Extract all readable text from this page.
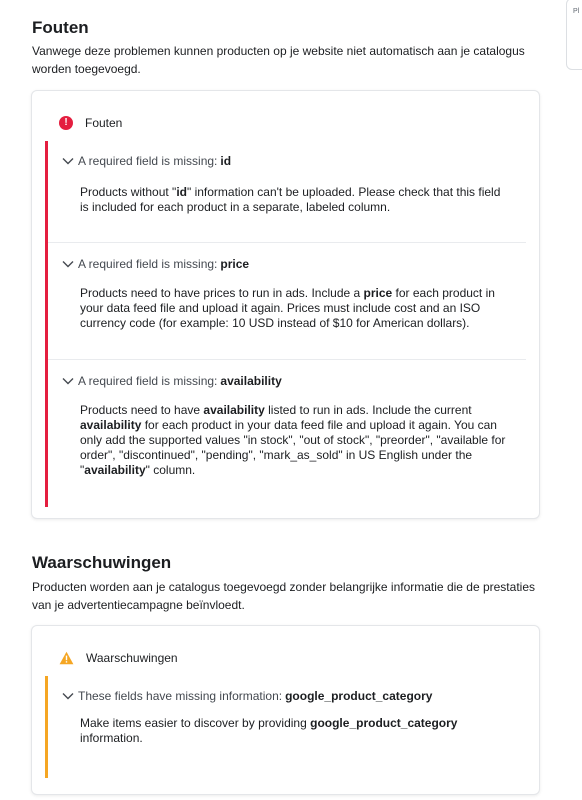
Pl
Fouten

Vanwege deze problemen kunnen producten op je website niet automatisch aan je catalogus worden toegevoegd.

!	Fouten
A required field is missing: id
Products without "id" information can't be uploaded. Please check that this field is included for each product in a separate, labeled column.
A required field is missing: price
Products need to have prices to run in ads. Include a price for each product in your data feed file and upload it again. Prices must include cost and an ISO currency code (for example: 10 USD instead of $10 for American dollars).
A required field is missing: availability
Products need to have availability listed to run in ads. Include the current availability for each product in your data feed file and upload it again. You can only add the supported values "in stock", "out of stock", "preorder", "available for order", "discontinued", "pending", "mark_as_sold" in US English under the "availability" column.
Waarschuwingen

Producten worden aan je catalogus toegevoegd zonder belangrijke informatie die de prestaties van je advertentiecampagne beïnvloedt.

Waarschuwingen
These fields have missing information: google_product_category
Make items easier to discover by providing google_product_category information.
